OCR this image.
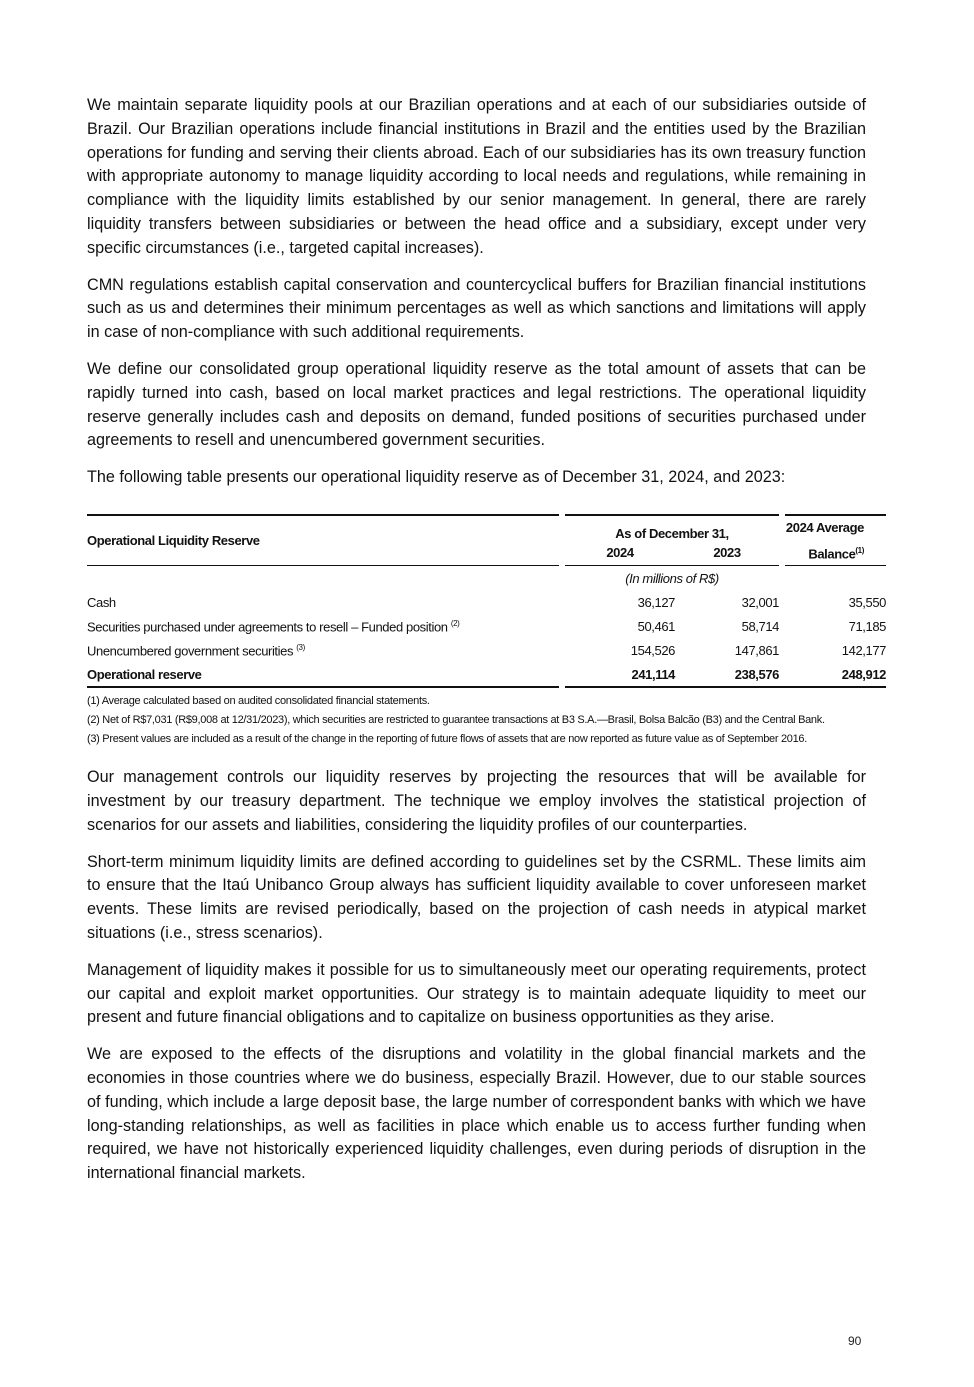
We maintain separate liquidity pools at our Brazilian operations and at each of our subsidiaries outside of Brazil. Our Brazilian operations include financial institutions in Brazil and the entities used by the Brazilian operations for funding and serving their clients abroad. Each of our subsidiaries has its own treasury function with appropriate autonomy to manage liquidity according to local needs and regulations, while remaining in compliance with the liquidity limits established by our senior management. In general, there are rarely liquidity transfers between subsidiaries or between the head office and a subsidiary, except under very specific circumstances (i.e., targeted capital increases).

CMN regulations establish capital conservation and countercyclical buffers for Brazilian financial institutions such as us and determines their minimum percentages as well as which sanctions and limitations will apply in case of non-compliance with such additional requirements.

We define our consolidated group operational liquidity reserve as the total amount of assets that can be rapidly turned into cash, based on local market practices and legal restrictions. The operational liquidity reserve generally includes cash and deposits on demand, funded positions of securities purchased under agreements to resell and unencumbered government securities.

The following table presents our operational liquidity reserve as of December 31, 2024, and 2023:

Operational Liquidity Reserve		As of December 31,			2024 Average
Balance$^{(1)}$
		2024	2023		
		(In millions of R$)			
Cash		36,127	32,001		35,550
Securities purchased under agreements to resell – Funded position $^{(2)}$		50,461	58,714		71,185
Unencumbered government securities $^{(3)}$		154,526	147,861		142,177
Operational reserve		241,114	238,576		248,912
(1) Average calculated based on audited consolidated financial statements.
(2) Net of R$7,031 (R$9,008 at 12/31/2023), which securities are restricted to guarantee transactions at B3 S.A.—Brasil, Bolsa Balcão (B3) and the Central Bank.
(3) Present values are included as a result of the change in the reporting of future flows of assets that are now reported as future value as of September 2016.

Our management controls our liquidity reserves by projecting the resources that will be available for investment by our treasury department. The technique we employ involves the statistical projection of scenarios for our assets and liabilities, considering the liquidity profiles of our counterparties.

Short-term minimum liquidity limits are defined according to guidelines set by the CSRML. These limits aim to ensure that the Itaú Unibanco Group always has sufficient liquidity available to cover unforeseen market events. These limits are revised periodically, based on the projection of cash needs in atypical market situations (i.e., stress scenarios).

Management of liquidity makes it possible for us to simultaneously meet our operating requirements, protect our capital and exploit market opportunities. Our strategy is to maintain adequate liquidity to meet our present and future financial obligations and to capitalize on business opportunities as they arise.

We are exposed to the effects of the disruptions and volatility in the global financial markets and the economies in those countries where we do business, especially Brazil. However, due to our stable sources of funding, which include a large deposit base, the large number of correspondent banks with which we have long-standing relationships, as well as facilities in place which enable us to access further funding when required, we have not historically experienced liquidity challenges, even during periods of disruption in the international financial markets.

90
